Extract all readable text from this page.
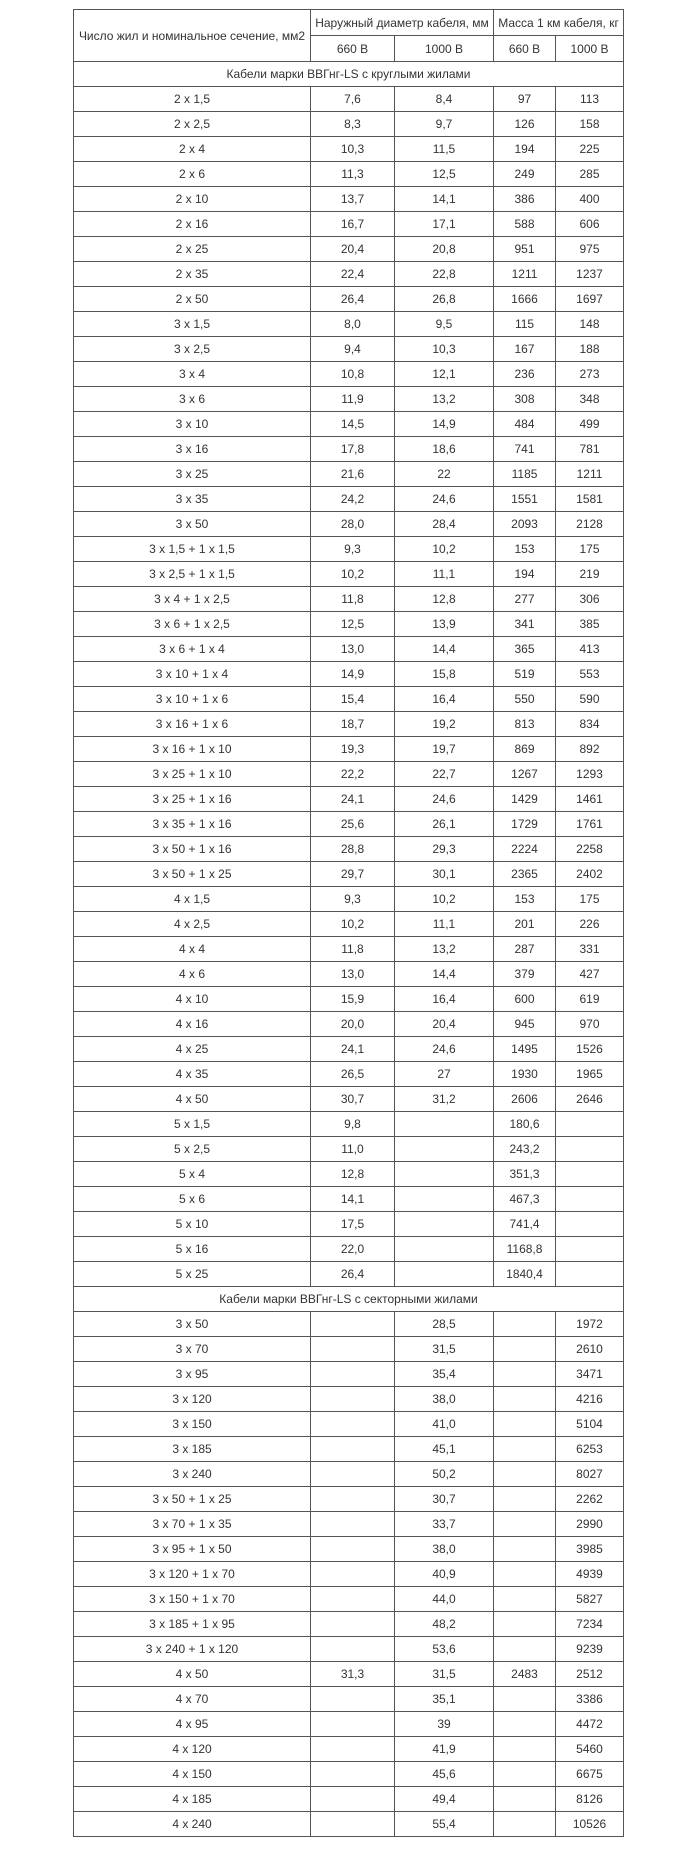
Число жил и номинальное сечение, мм2	Наружный диаметр кабеля, мм		Масса 1 км кабеля, кг	
	660 В	1000 В	660 В	1000 В
Кабели марки ВВГнг-LS с круглыми жилами				
2 х 1,5	7,6	8,4	97	113
2 х 2,5	8,3	9,7	126	158
2 х 4	10,3	11,5	194	225
2 х 6	11,3	12,5	249	285
2 х 10	13,7	14,1	386	400
2 х 16	16,7	17,1	588	606
2 х 25	20,4	20,8	951	975
2 х 35	22,4	22,8	1211	1237
2 х 50	26,4	26,8	1666	1697
3 х 1,5	8,0	9,5	115	148
3 х 2,5	9,4	10,3	167	188
3 х 4	10,8	12,1	236	273
3 х 6	11,9	13,2	308	348
3 х 10	14,5	14,9	484	499
3 х 16	17,8	18,6	741	781
3 х 25	21,6	22	1185	1211
3 х 35	24,2	24,6	1551	1581
3 х 50	28,0	28,4	2093	2128
3 х 1,5 + 1 х 1,5	9,3	10,2	153	175
3 х 2,5 + 1 х 1,5	10,2	11,1	194	219
3 х 4 + 1 х 2,5	11,8	12,8	277	306
3 х 6 + 1 х 2,5	12,5	13,9	341	385
3 х 6 + 1 х 4	13,0	14,4	365	413
3 х 10 + 1 х 4	14,9	15,8	519	553
3 х 10 + 1 х 6	15,4	16,4	550	590
3 х 16 + 1 х 6	18,7	19,2	813	834
3 х 16 + 1 х 10	19,3	19,7	869	892
3 х 25 + 1 х 10	22,2	22,7	1267	1293
3 х 25 + 1 х 16	24,1	24,6	1429	1461
3 х 35 + 1 х 16	25,6	26,1	1729	1761
3 х 50 + 1 х 16	28,8	29,3	2224	2258
3 х 50 + 1 х 25	29,7	30,1	2365	2402
4 х 1,5	9,3	10,2	153	175
4 х 2,5	10,2	11,1	201	226
4 х 4	11,8	13,2	287	331
4 х 6	13,0	14,4	379	427
4 х 10	15,9	16,4	600	619
4 х 16	20,0	20,4	945	970
4 х 25	24,1	24,6	1495	1526
4 х 35	26,5	27	1930	1965
4 х 50	30,7	31,2	2606	2646
5 х 1,5	9,8		180,6	
5 х 2,5	11,0		243,2	
5 х 4	12,8		351,3	
5 х 6	14,1		467,3	
5 х 10	17,5		741,4	
5 х 16	22,0		1168,8	
5 х 25	26,4		1840,4	
Кабели марки ВВГнг-LS с секторными жилами				
3 х 50		28,5		1972
3 х 70		31,5		2610
3 х 95		35,4		3471
3 х 120		38,0		4216
3 х 150		41,0		5104
3 х 185		45,1		6253
3 х 240		50,2		8027
3 х 50 + 1 х 25		30,7		2262
3 х 70 + 1 х 35		33,7		2990
3 х 95 + 1 х 50		38,0		3985
3 х 120 + 1 х 70		40,9		4939
3 х 150 + 1 х 70		44,0		5827
3 х 185 + 1 х 95		48,2		7234
3 х 240 + 1 х 120		53,6		9239
4 х 50	31,3	31,5	2483	2512
4 х 70		35,1		3386
4 х 95		39		4472
4 х 120		41,9		5460
4 х 150		45,6		6675
4 х 185		49,4		8126
4 х 240		55,4		10526
